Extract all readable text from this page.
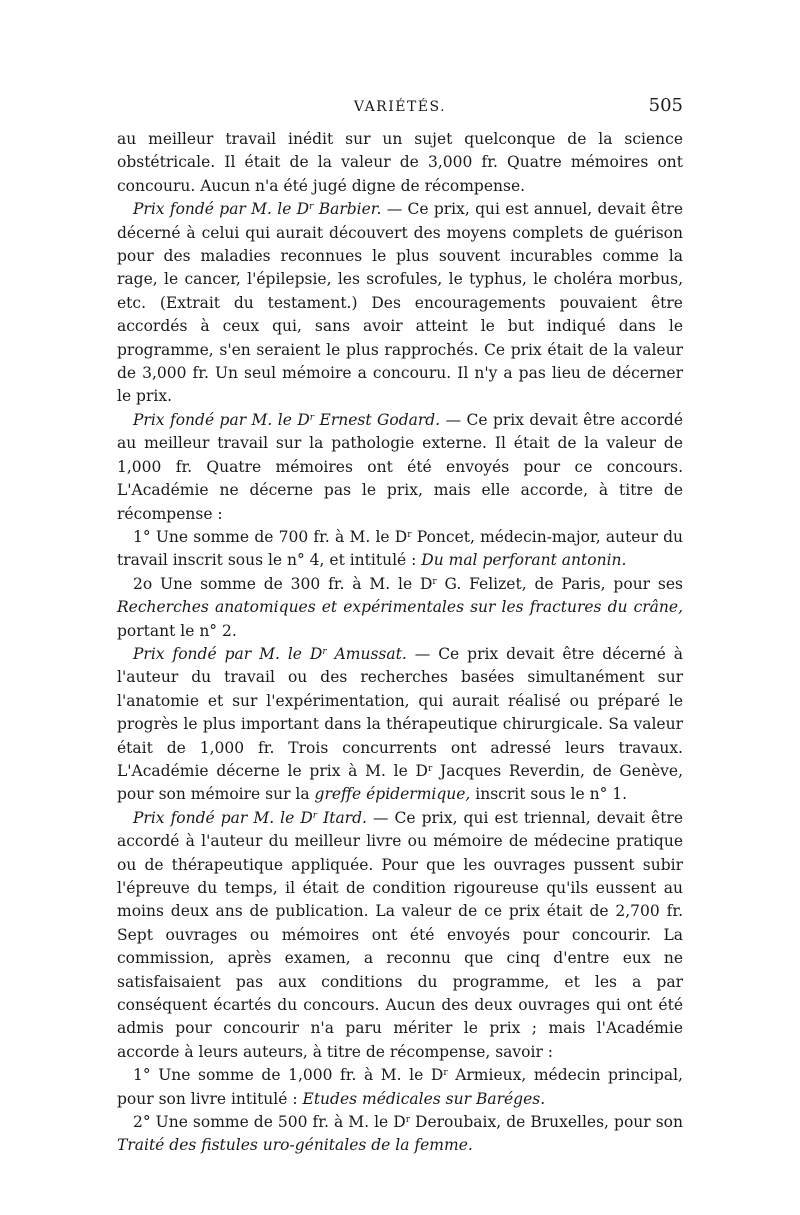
VARIÉTÉS.	505

au meilleur travail inédit sur un sujet quelconque de la science obstétricale. Il était de la valeur de 3,000 fr. Quatre mémoires ont concouru. Aucun n'a été jugé digne de récompense.

Prix fondé par M. le $D^r$ Barbier. — Ce prix, qui est annuel, devait être décerné à celui qui aurait découvert des moyens complets de guérison pour des maladies reconnues le plus souvent incurables comme la rage, le cancer, l'épilepsie, les scrofules, le typhus, le choléra morbus, etc. (Extrait du testament.) Des encouragements pouvaient être accordés à ceux qui, sans avoir atteint le but indiqué dans le programme, s'en seraient le plus rapprochés. Ce prix était de la valeur de 3,000 fr. Un seul mémoire a concouru. Il n'y a pas lieu de décerner le prix.

Prix fondé par M. le $D^r$ Ernest Godard. — Ce prix devait être accordé au meilleur travail sur la pathologie externe. Il était de la valeur de 1,000 fr. Quatre mémoires ont été envoyés pour ce concours. L'Académie ne décerne pas le prix, mais elle accorde, à titre de récompense :

1° Une somme de 700 fr. à M. le $D^r$ Poncet, médecin-major, auteur du travail inscrit sous le n° 4, et intitulé : Du mal perforant antonin.

2o Une somme de 300 fr. à M. le $D^r$ G. Felizet, de Paris, pour ses Recherches anatomiques et expérimentales sur les fractures du crâne, portant le n° 2.

Prix fondé par M. le $D^r$ Amussat. — Ce prix devait être décerné à l'auteur du travail ou des recherches basées simultanément sur l'anatomie et sur l'expérimentation, qui aurait réalisé ou préparé le progrès le plus important dans la thérapeutique chirurgicale. Sa valeur était de 1,000 fr. Trois concurrents ont adressé leurs travaux. L'Académie décerne le prix à M. le $D^r$ Jacques Reverdin, de Genève, pour son mémoire sur la greffe épidermique, inscrit sous le n° 1.

Prix fondé par M. le $D^r$ Itard. — Ce prix, qui est triennal, devait être accordé à l'auteur du meilleur livre ou mémoire de médecine pratique ou de thérapeutique appliquée. Pour que les ouvrages pussent subir l'épreuve du temps, il était de condition rigoureuse qu'ils eussent au moins deux ans de publication. La valeur de ce prix était de 2,700 fr. Sept ouvrages ou mémoires ont été envoyés pour concourir. La commission, après examen, a reconnu que cinq d'entre eux ne satisfaisaient pas aux conditions du programme, et les a par conséquent écartés du concours. Aucun des deux ouvrages qui ont été admis pour concourir n'a paru mériter le prix ; mais l'Académie accorde à leurs auteurs, à titre de récompense, savoir :

1° Une somme de 1,000 fr. à M. le $D^r$ Armieux, médecin principal, pour son livre intitulé : Etudes médicales sur Baréges.

2° Une somme de 500 fr. à M. le $D^r$ Deroubaix, de Bruxelles, pour son Traité des fistules uro-génitales de la femme.
